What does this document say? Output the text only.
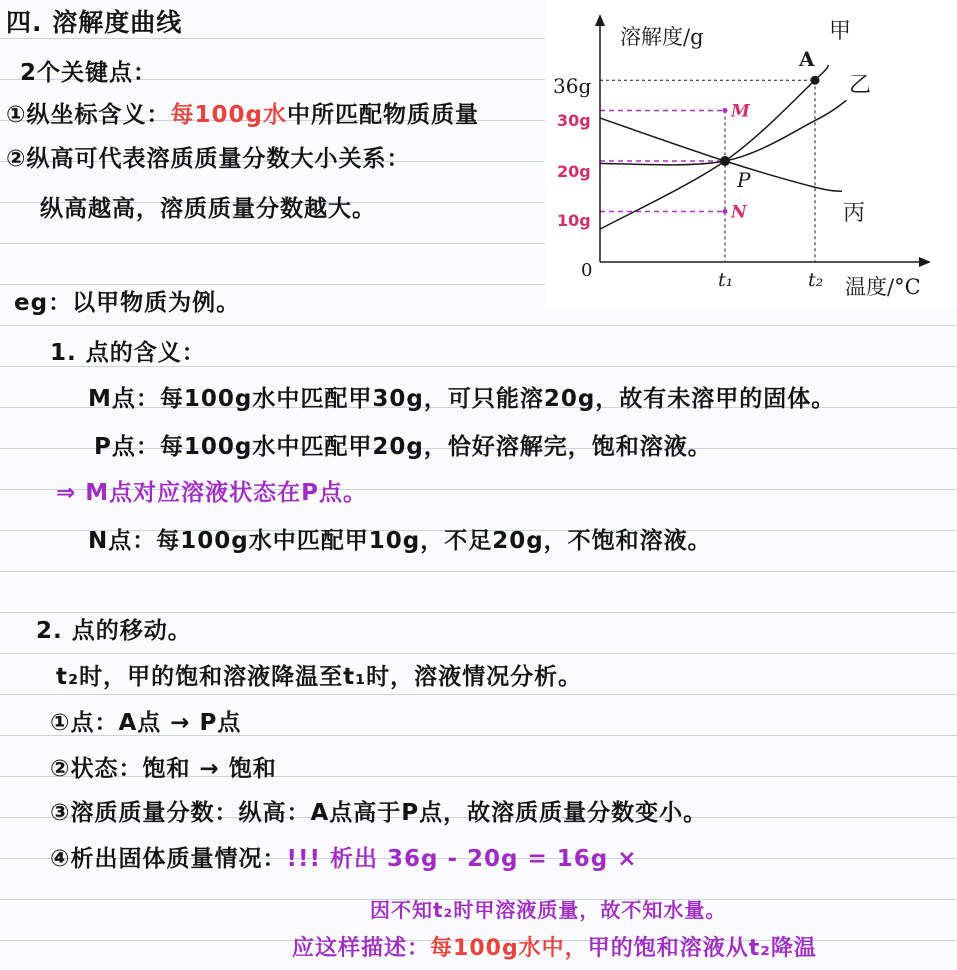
四. 溶解度曲线
2个关键点：
①纵坐标含义：每100g水中所匹配物质质量
②纵高可代表溶质质量分数大小关系：
纵高越高，溶质质量分数越大。
eg：以甲物质为例。
1. 点的含义：
M点：每100g水中匹配甲30g，可只能溶20g，故有未溶甲的固体。
P点：每100g水中匹配甲20g，恰好溶解完，饱和溶液。
⇒ M点对应溶液状态在P点。
N点：每100g水中匹配甲10g，不足20g，不饱和溶液。
2. 点的移动。
t₂时，甲的饱和溶液降温至t₁时，溶液情况分析。
①点：A点 → P点
②状态：饱和 → 饱和
③溶质质量分数：纵高：A点高于P点，故溶质质量分数变小。
④析出固体质量情况：!!! 析出 36g - 20g = 16g ×
因不知t₂时甲溶液质量，故不知水量。
应这样描述：每100g水中，甲的饱和溶液从t₂降温
溶解度/g
温度/°C
0	t₁	t₂
36g
30g
20g
10g
甲
乙
丙
A
P
M
N
